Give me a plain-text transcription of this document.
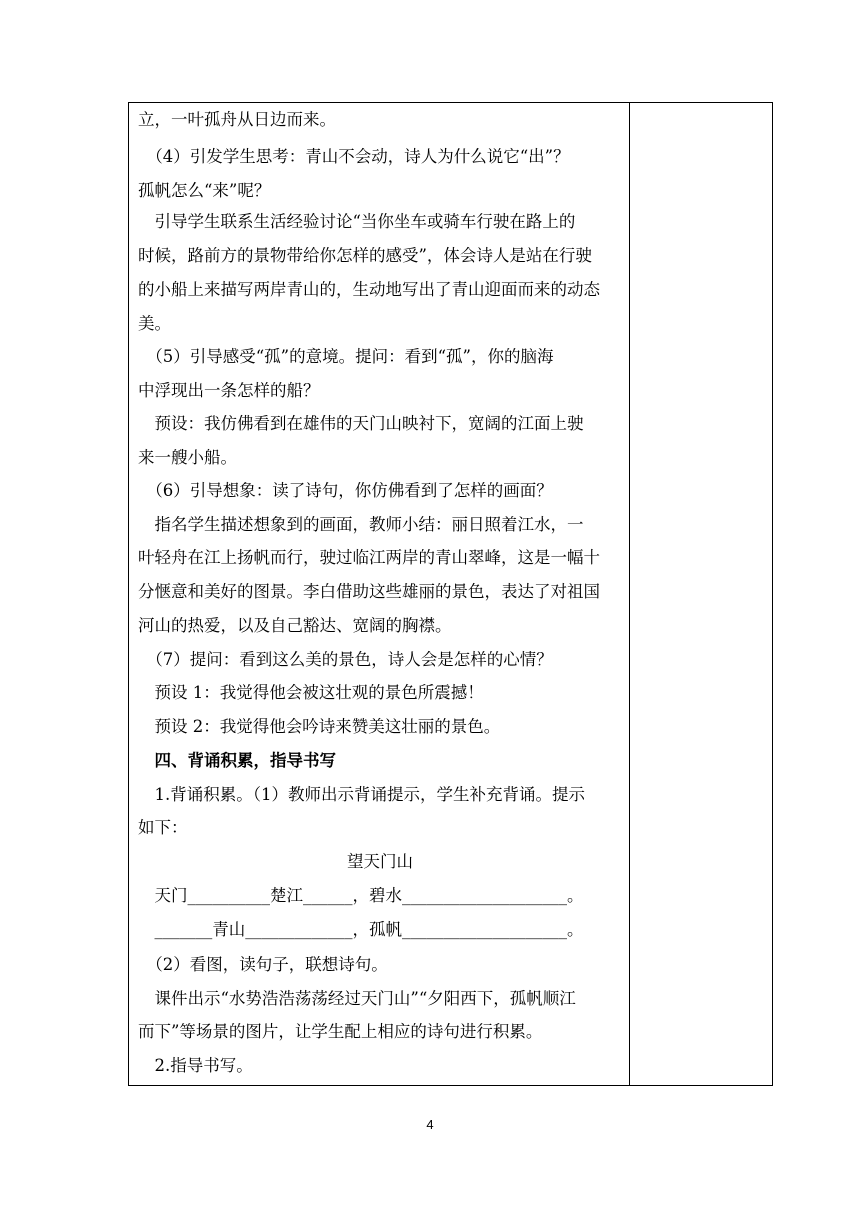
立，一叶孤舟从日边而来。
　（4）引发学生思考：青山不会动，诗人为什么说它“出”？
孤帆怎么“来”呢？
　引导学生联系生活经验讨论“当你坐车或骑车行驶在路上的
时候，路前方的景物带给你怎样的感受”，体会诗人是站在行驶
的小船上来描写两岸青山的，生动地写出了青山迎面而来的动态
美。
　（5）引导感受“孤”的意境。提问：看到“孤”，你的脑海
中浮现出一条怎样的船？
　预设：我仿佛看到在雄伟的天门山映衬下，宽阔的江面上驶
来一艘小船。
　（6）引导想象：读了诗句，你仿佛看到了怎样的画面？
　指名学生描述想象到的画面，教师小结：丽日照着江水，一
叶轻舟在江上扬帆而行，驶过临江两岸的青山翠峰，这是一幅十
分惬意和美好的图景。李白借助这些雄丽的景色，表达了对祖国
河山的热爱，以及自己豁达、宽阔的胸襟。
　（7）提问：看到这么美的景色，诗人会是怎样的心情？
　预设 1：我觉得他会被这壮观的景色所震撼！
　预设 2：我觉得他会吟诗来赞美这壮丽的景色。
　四、背诵积累，指导书写
　1.背诵积累。（1）教师出示背诵提示，学生补充背诵。提示
如下：
望天门山
　天门__________楚江______，碧水____________________。
　_______青山_____________，孤帆____________________。
　（2）看图，读句子，联想诗句。
　课件出示“水势浩浩荡荡经过天门山”“夕阳西下，孤帆顺江
而下”等场景的图片，让学生配上相应的诗句进行积累。
　2.指导书写。
4
